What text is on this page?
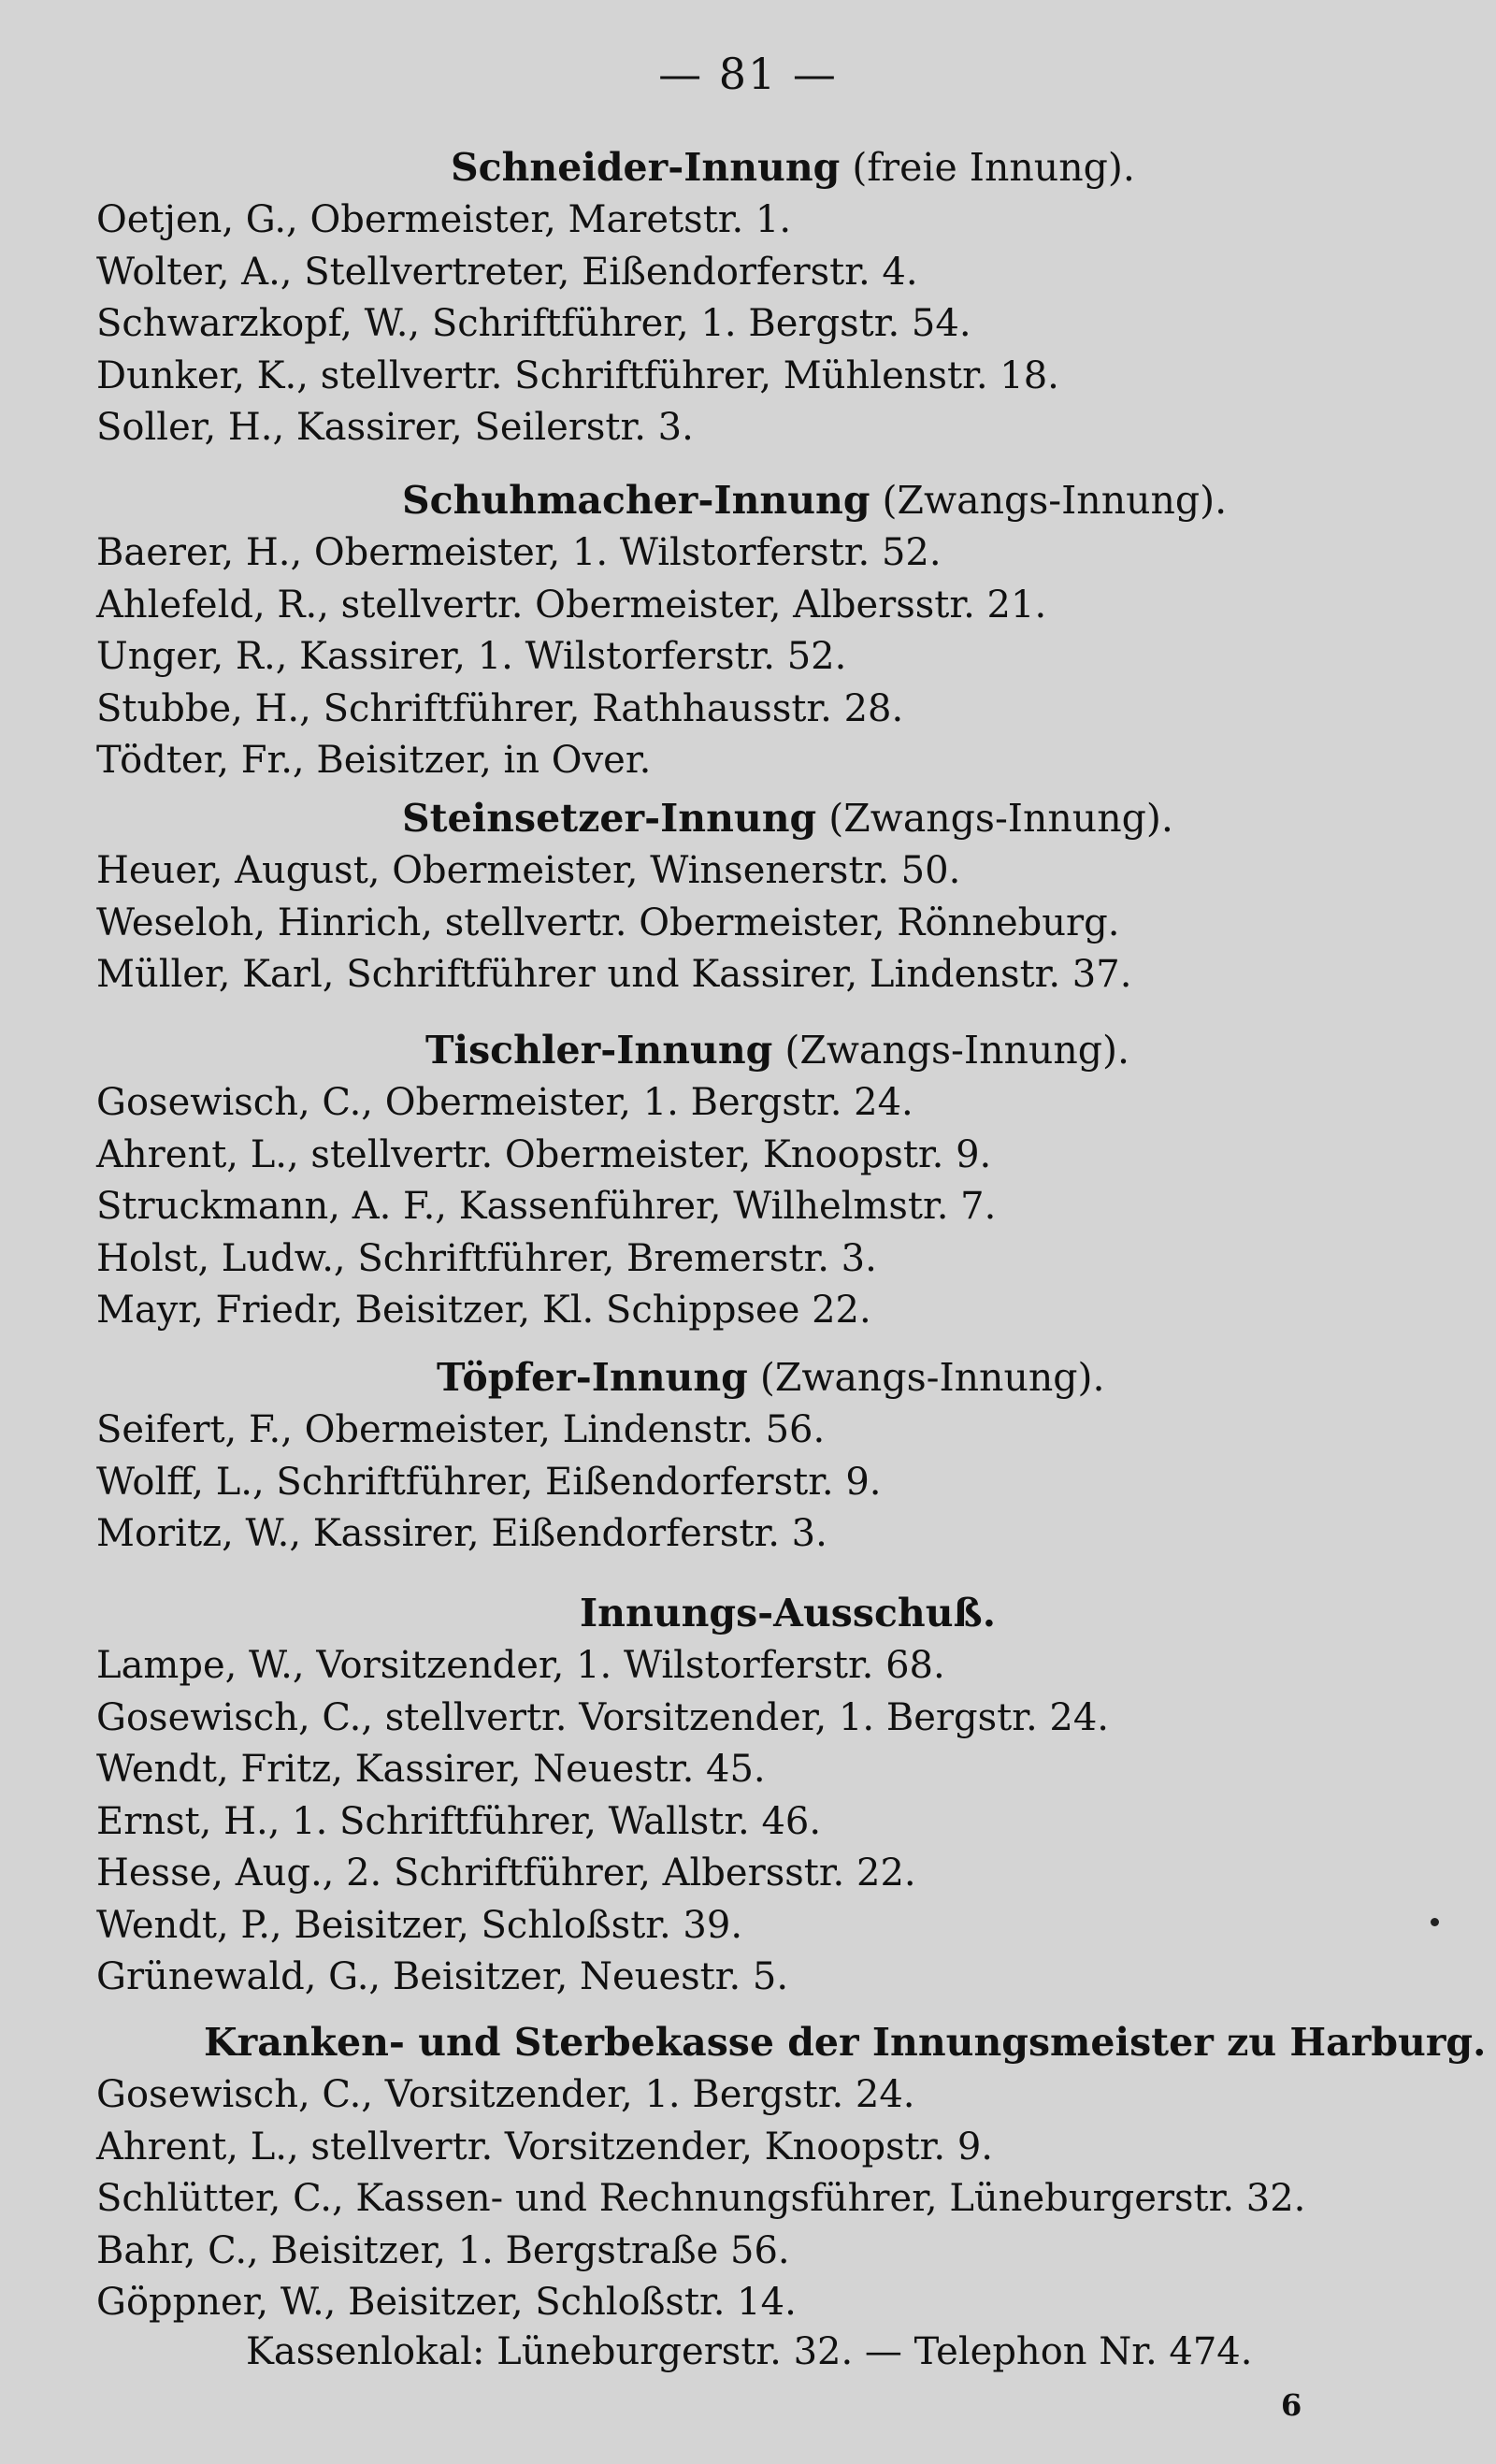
— 81 —
Schneider-Innung (freie Innung).
Oetjen, G., Obermeister, Maretstr. 1.
Wolter, A., Stellvertreter, Eißendorferstr. 4.
Schwarzkopf, W., Schriftführer, 1. Bergstr. 54.
Dunker, K., stellvertr. Schriftführer, Mühlenstr. 18.
Soller, H., Kassirer, Seilerstr. 3.
Schuhmacher-Innung (Zwangs-Innung).
Baerer, H., Obermeister, 1. Wilstorferstr. 52.
Ahlefeld, R., stellvertr. Obermeister, Albersstr. 21.
Unger, R., Kassirer, 1. Wilstorferstr. 52.
Stubbe, H., Schriftführer, Rathhausstr. 28.
Tödter, Fr., Beisitzer, in Over.
Steinsetzer-Innung (Zwangs-Innung).
Heuer, August, Obermeister, Winsenerstr. 50.
Weseloh, Hinrich, stellvertr. Obermeister, Rönneburg.
Müller, Karl, Schriftführer und Kassirer, Lindenstr. 37.
Tischler-Innung (Zwangs-Innung).
Gosewisch, C., Obermeister, 1. Bergstr. 24.
Ahrent, L., stellvertr. Obermeister, Knoopstr. 9.
Struckmann, A. F., Kassenführer, Wilhelmstr. 7.
Holst, Ludw., Schriftführer, Bremerstr. 3.
Mayr, Friedr, Beisitzer, Kl. Schippsee 22.
Töpfer-Innung (Zwangs-Innung).
Seifert, F., Obermeister, Lindenstr. 56.
Wolff, L., Schriftführer, Eißendorferstr. 9.
Moritz, W., Kassirer, Eißendorferstr. 3.
Innungs-Ausschuß.
Lampe, W., Vorsitzender, 1. Wilstorferstr. 68.
Gosewisch, C., stellvertr. Vorsitzender, 1. Bergstr. 24.
Wendt, Fritz, Kassirer, Neuestr. 45.
Ernst, H., 1. Schriftführer, Wallstr. 46.
Hesse, Aug., 2. Schriftführer, Albersstr. 22.
Wendt, P., Beisitzer, Schloßstr. 39.
Grünewald, G., Beisitzer, Neuestr. 5.
Kranken- und Sterbekasse der Innungsmeister zu Harburg.
Gosewisch, C., Vorsitzender, 1. Bergstr. 24.
Ahrent, L., stellvertr. Vorsitzender, Knoopstr. 9.
Schlütter, C., Kassen- und Rechnungsführer, Lüneburgerstr. 32.
Bahr, C., Beisitzer, 1. Bergstraße 56.
Göppner, W., Beisitzer, Schloßstr. 14.
Kassenlokal: Lüneburgerstr. 32. — Telephon Nr. 474.
6
